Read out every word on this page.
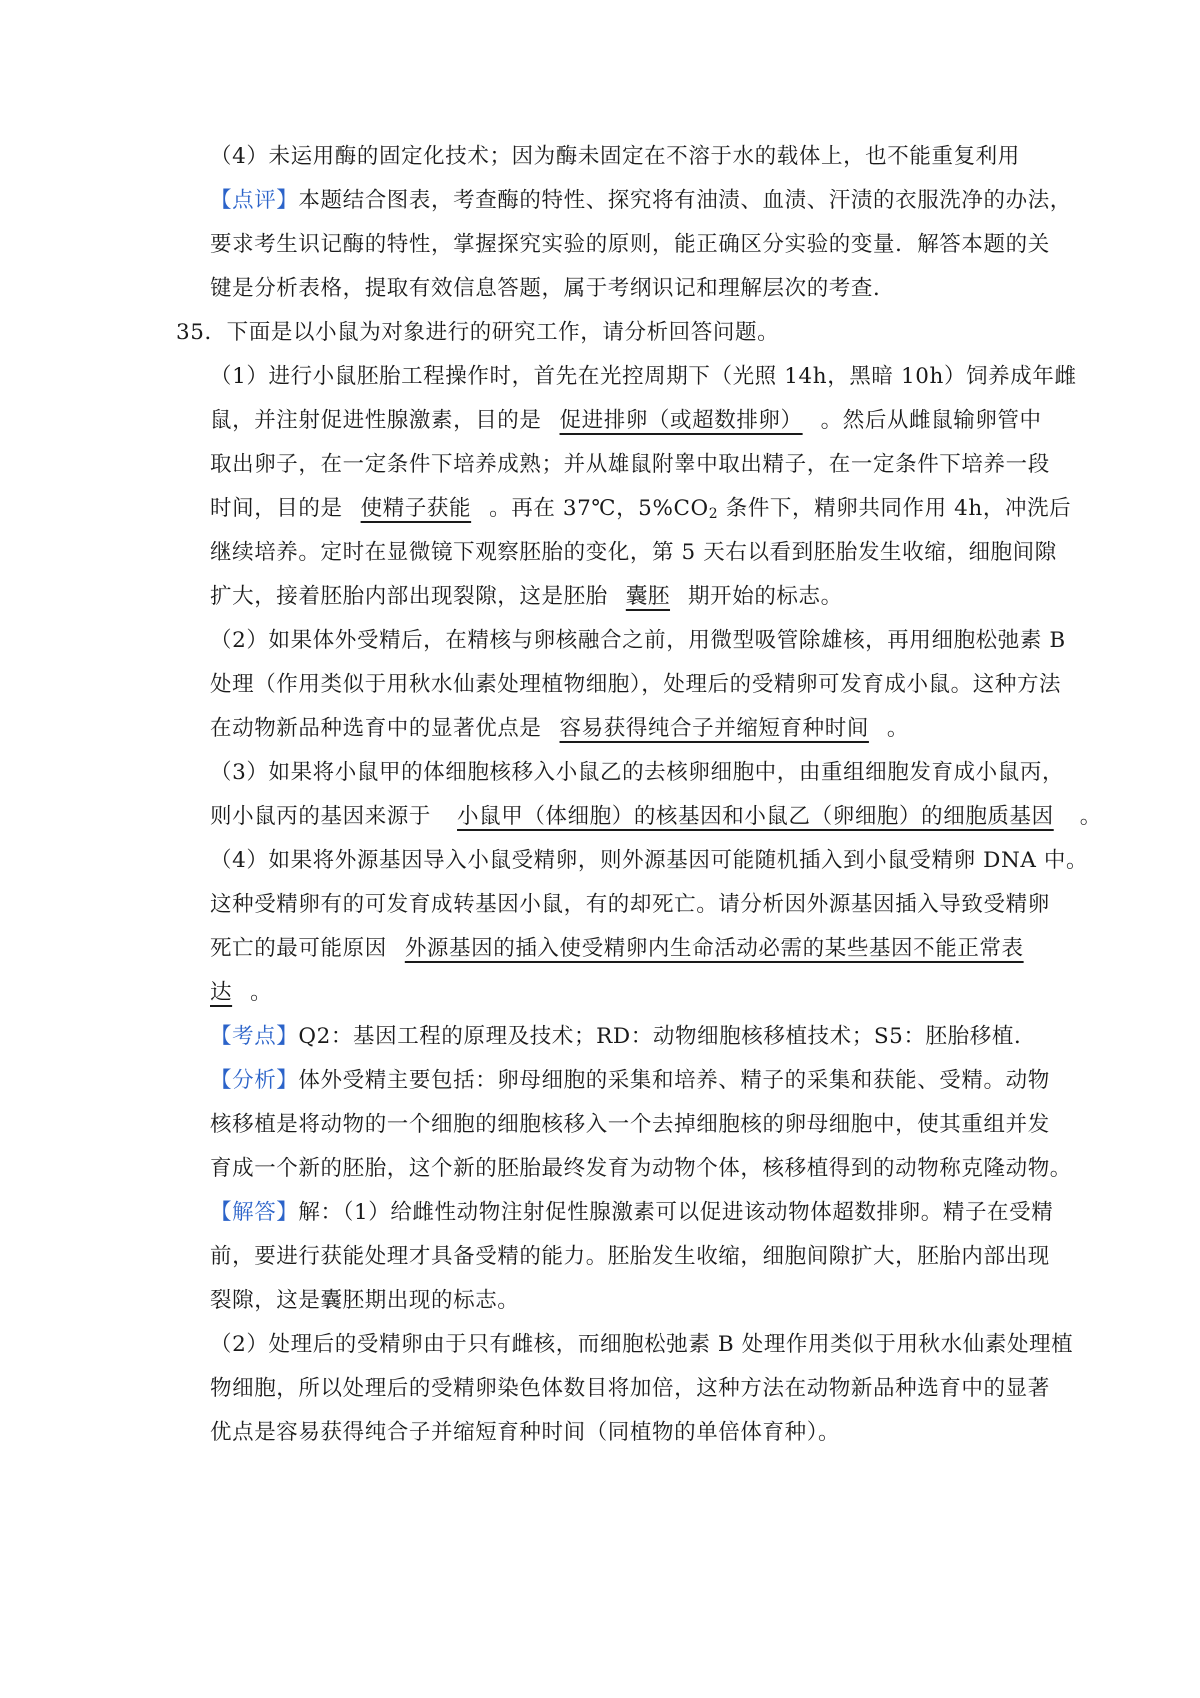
（4）未运用酶的固定化技术；因为酶未固定在不溶于水的载体上，也不能重复利用
【点评】本题结合图表，考查酶的特性、探究将有油渍、血渍、汗渍的衣服洗净的办法，
要求考生识记酶的特性，掌握探究实验的原则，能正确区分实验的变量．解答本题的关
键是分析表格，提取有效信息答题，属于考纲识记和理解层次的考查．
35．下面是以小鼠为对象进行的研究工作，请分析回答问题。
（1）进行小鼠胚胎工程操作时，首先在光控周期下（光照 14h，黑暗 10h）饲养成年雌
鼠，并注射促进性腺激素，目的是 促进排卵（或超数排卵） 。然后从雌鼠输卵管中
取出卵子，在一定条件下培养成熟；并从雄鼠附睾中取出精子，在一定条件下培养一段
时间，目的是 使精子获能 。再在 37℃，$5\%CO_2$ 条件下，精卵共同作用 4h，冲洗后
继续培养。定时在显微镜下观察胚胎的变化，第 5 天右以看到胚胎发生收缩，细胞间隙
扩大，接着胚胎内部出现裂隙，这是胚胎 囊胚 期开始的标志。
（2）如果体外受精后，在精核与卵核融合之前，用微型吸管除雄核，再用细胞松弛素 B
处理（作用类似于用秋水仙素处理植物细胞），处理后的受精卵可发育成小鼠。这种方法
在动物新品种选育中的显著优点是 容易获得纯合子并缩短育种时间 。
（3）如果将小鼠甲的体细胞核移入小鼠乙的去核卵细胞中，由重组细胞发育成小鼠丙，
则小鼠丙的基因来源于 小鼠甲（体细胞）的核基因和小鼠乙（卵细胞）的细胞质基因 。
（4）如果将外源基因导入小鼠受精卵，则外源基因可能随机插入到小鼠受精卵 DNA 中。
这种受精卵有的可发育成转基因小鼠，有的却死亡。请分析因外源基因插入导致受精卵
死亡的最可能原因 外源基因的插入使受精卵内生命活动必需的某些基因不能正常表
达 。
【考点】Q2：基因工程的原理及技术；RD：动物细胞核移植技术；S5：胚胎移植．
【分析】体外受精主要包括：卵母细胞的采集和培养、精子的采集和获能、受精。动物
核移植是将动物的一个细胞的细胞核移入一个去掉细胞核的卵母细胞中，使其重组并发
育成一个新的胚胎，这个新的胚胎最终发育为动物个体，核移植得到的动物称克隆动物。
【解答】解：（1）给雌性动物注射促性腺激素可以促进该动物体超数排卵。精子在受精
前，要进行获能处理才具备受精的能力。胚胎发生收缩，细胞间隙扩大，胚胎内部出现
裂隙，这是囊胚期出现的标志。
（2）处理后的受精卵由于只有雌核，而细胞松弛素 B 处理作用类似于用秋水仙素处理植
物细胞，所以处理后的受精卵染色体数目将加倍，这种方法在动物新品种选育中的显著
优点是容易获得纯合子并缩短育种时间（同植物的单倍体育种）。
